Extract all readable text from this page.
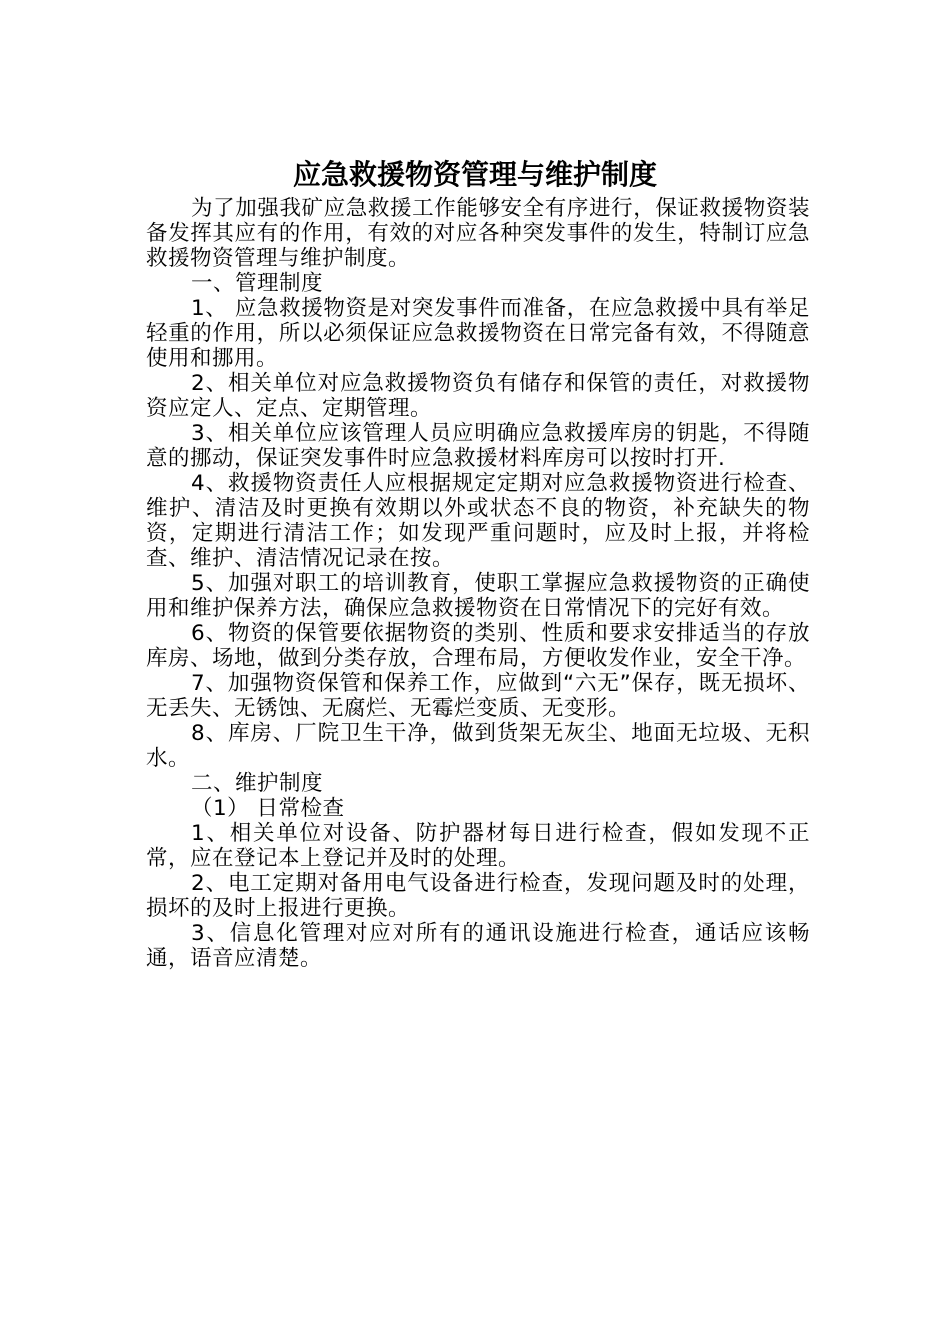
应急救援物资管理与维护制度

为了加强我矿应急救援工作能够安全有序进行，保证救援物资装备发挥其应有的作用，有效的对应各种突发事件的发生，特制订应急救援物资管理与维护制度。

一、管理制度

1、 应急救援物资是对突发事件而准备，在应急救援中具有举足轻重的作用，所以必须保证应急救援物资在日常完备有效，不得随意使用和挪用。

2、相关单位对应急救援物资负有储存和保管的责任，对救援物资应定人、定点、定期管理。

3、相关单位应该管理人员应明确应急救援库房的钥匙，不得随意的挪动，保证突发事件时应急救援材料库房可以按时打开.

4、救援物资责任人应根据规定定期对应急救援物资进行检查、维护、清洁及时更换有效期以外或状态不良的物资，补充缺失的物资，定期进行清洁工作；如发现严重问题时，应及时上报，并将检查、维护、清洁情况记录在按。

5、加强对职工的培训教育，使职工掌握应急救援物资的正确使用和维护保养方法，确保应急救援物资在日常情况下的完好有效。

6、物资的保管要依据物资的类别、性质和要求安排适当的存放库房、场地，做到分类存放，合理布局，方便收发作业，安全干净。

7、加强物资保管和保养工作，应做到“六无”保存，既无损坏、无丢失、无锈蚀、无腐烂、无霉烂变质、无变形。

8、库房、厂院卫生干净，做到货架无灰尘、地面无垃圾、无积水。

二、维护制度

（1） 日常检查

1、相关单位对设备、防护器材每日进行检查，假如发现不正常，应在登记本上登记并及时的处理。

2、电工定期对备用电气设备进行检查，发现问题及时的处理，损坏的及时上报进行更换。

3、信息化管理对应对所有的通讯设施进行检查，通话应该畅通，语音应清楚。
